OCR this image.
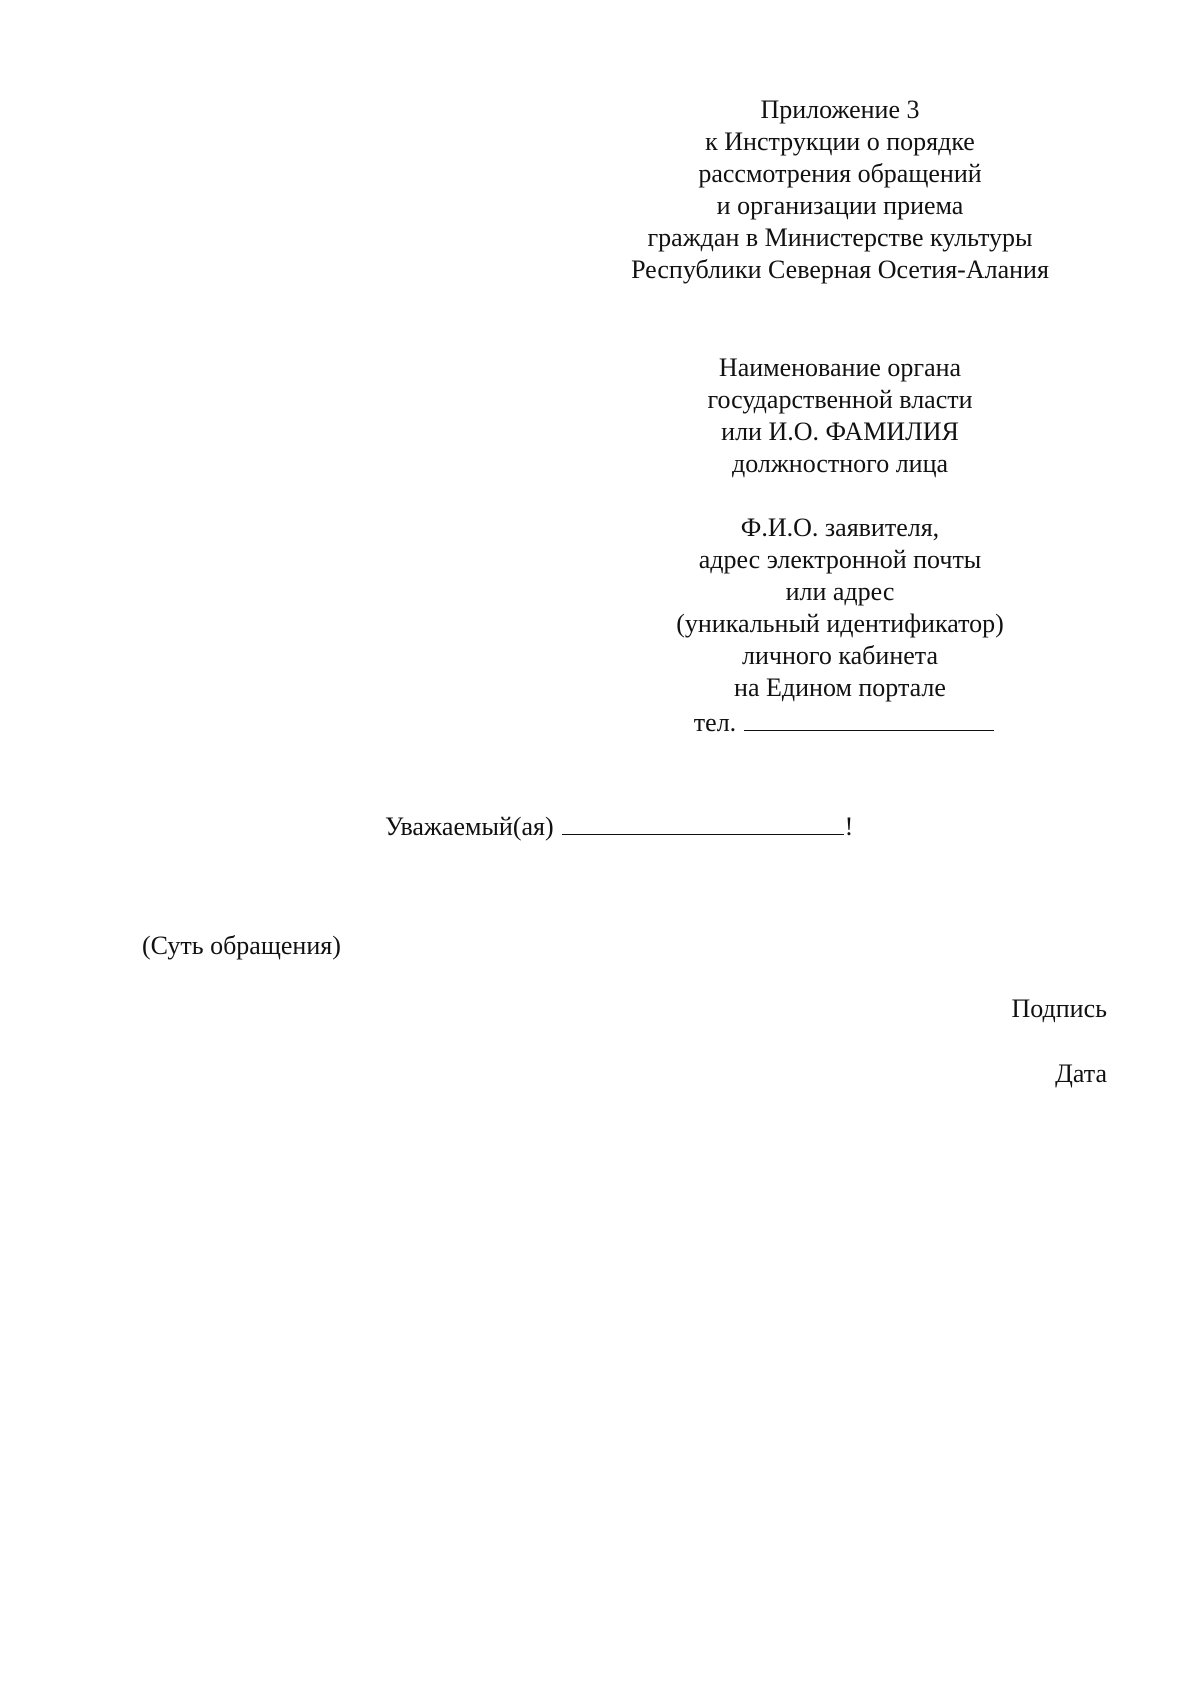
Приложение 3
к Инструкции о порядке
рассмотрения обращений
и организации приема
граждан в Министерстве культуры
Республики Северная Осетия-Алания
Наименование органа
государственной власти
или И.О. ФАМИЛИЯ
должностного лица
Ф.И.О. заявителя,
адрес электронной почты
или адрес
(уникальный идентификатор)
личного кабинета
на Едином портале
тел.
Уважаемый(ая)	!
(Суть обращения)
Подпись
Дата
